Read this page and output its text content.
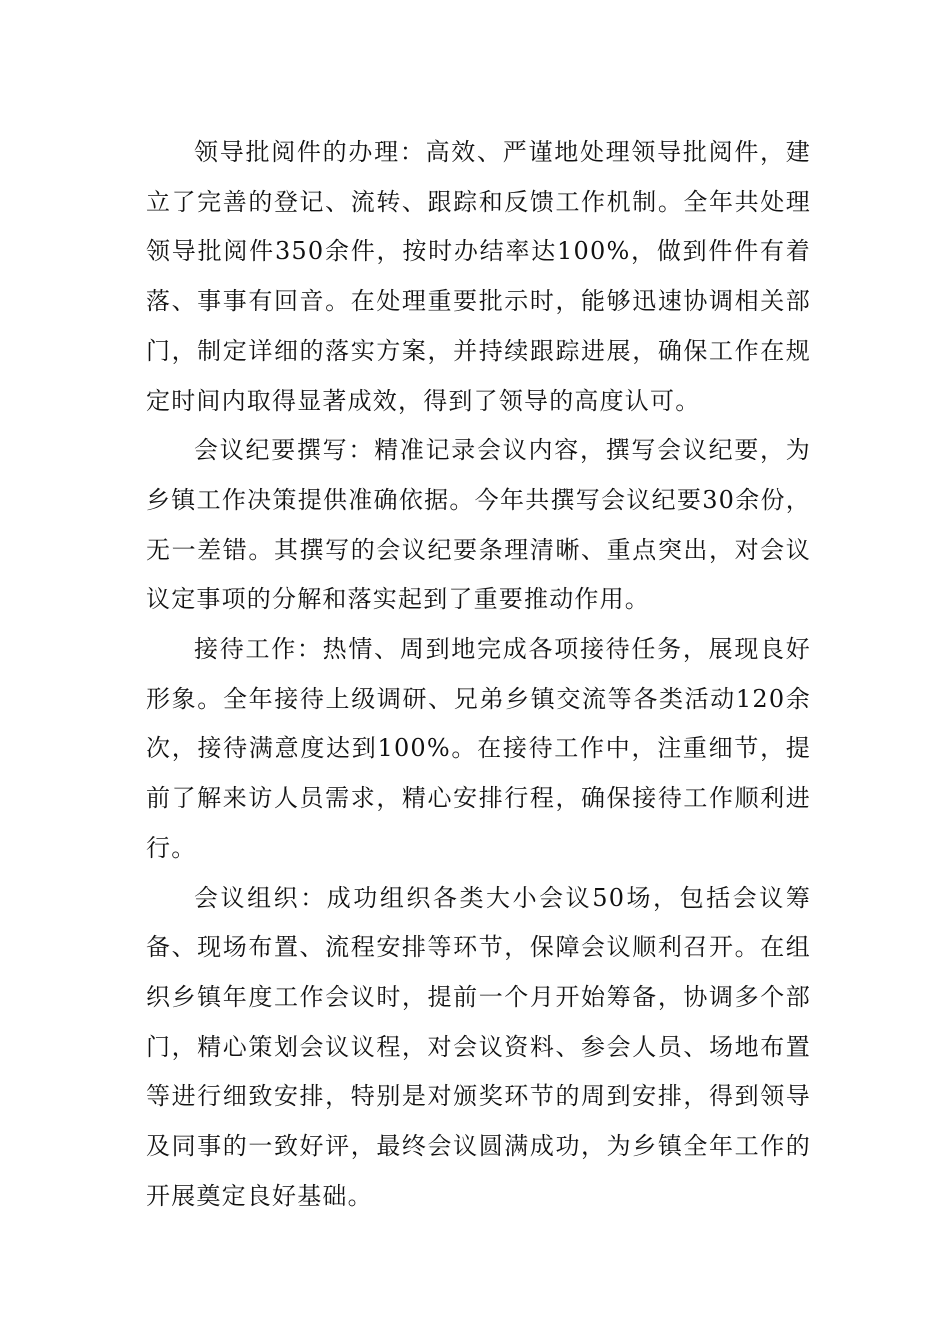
领导批阅件的办理：高效、严谨地处理领导批阅件，建立了完善的登记、流转、跟踪和反馈工作机制。全年共处理领导批阅件350余件，按时办结率达100%，做到件件有着落、事事有回音。在处理重要批示时，能够迅速协调相关部门，制定详细的落实方案，并持续跟踪进展，确保工作在规定时间内取得显著成效，得到了领导的高度认可。

会议纪要撰写：精准记录会议内容，撰写会议纪要，为乡镇工作决策提供准确依据。今年共撰写会议纪要30余份，无一差错。其撰写的会议纪要条理清晰、重点突出，对会议议定事项的分解和落实起到了重要推动作用。

接待工作：热情、周到地完成各项接待任务，展现良好形象。全年接待上级调研、兄弟乡镇交流等各类活动120余次，接待满意度达到100%。在接待工作中，注重细节，提前了解来访人员需求，精心安排行程，确保接待工作顺利进行。

会议组织：成功组织各类大小会议50场，包括会议筹备、现场布置、流程安排等环节，保障会议顺利召开。在组织乡镇年度工作会议时，提前一个月开始筹备，协调多个部门，精心策划会议议程，对会议资料、参会人员、场地布置等进行细致安排，特别是对颁奖环节的周到安排，得到领导及同事的一致好评，最终会议圆满成功，为乡镇全年工作的开展奠定良好基础。
